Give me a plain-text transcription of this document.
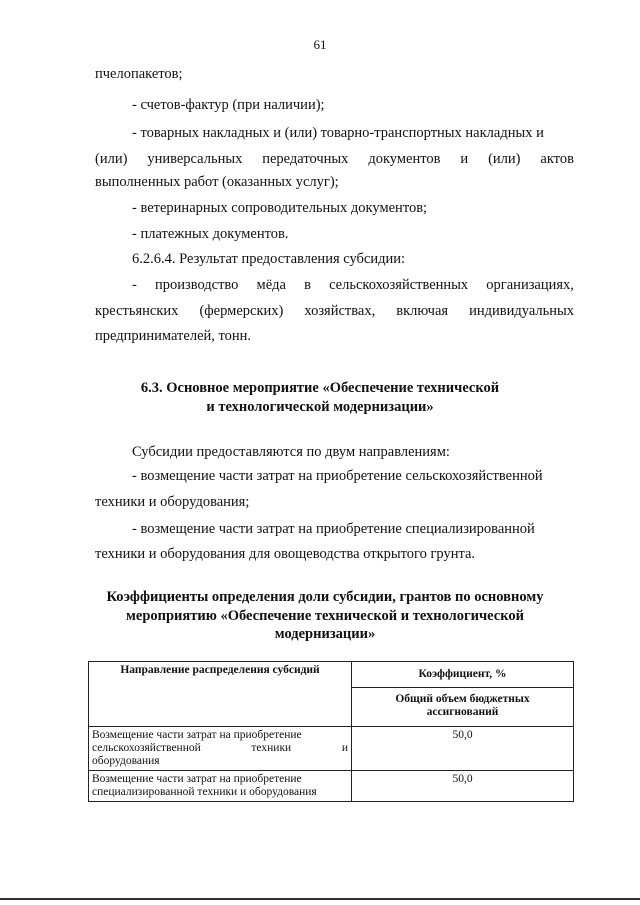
61
пчелопакетов;
- счетов-фактур (при наличии);
- товарных накладных и (или) товарно-транспортных накладных и
(или) универсальных передаточных документов и (или) актов
выполненных работ (оказанных услуг);
- ветеринарных сопроводительных документов;
- платежных документов.
6.2.6.4. Результат предоставления субсидии:
- производство мёда в сельскохозяйственных организациях,
крестьянских (фермерских) хозяйствах, включая индивидуальных
предпринимателей, тонн.
6.3. Основное мероприятие «Обеспечение технической
и технологической модернизации»
Субсидии предоставляются по двум направлениям:
- возмещение части затрат на приобретение сельскохозяйственной
техники и оборудования;
- возмещение части затрат на приобретение специализированной
техники и оборудования для овощеводства открытого грунта.
Коэффициенты определения доли субсидии, грантов по основному
мероприятию «Обеспечение технической и технологической
модернизации»
Направление распределения субсидий	Коэффициент, %
	Общий объем бюджетных ассигнований

Возмещение части затрат на приобретение
сельскохозяйственной техники и
оборудования	50,0

Возмещение части затрат на приобретение
специализированной техники и оборудования	50,0
